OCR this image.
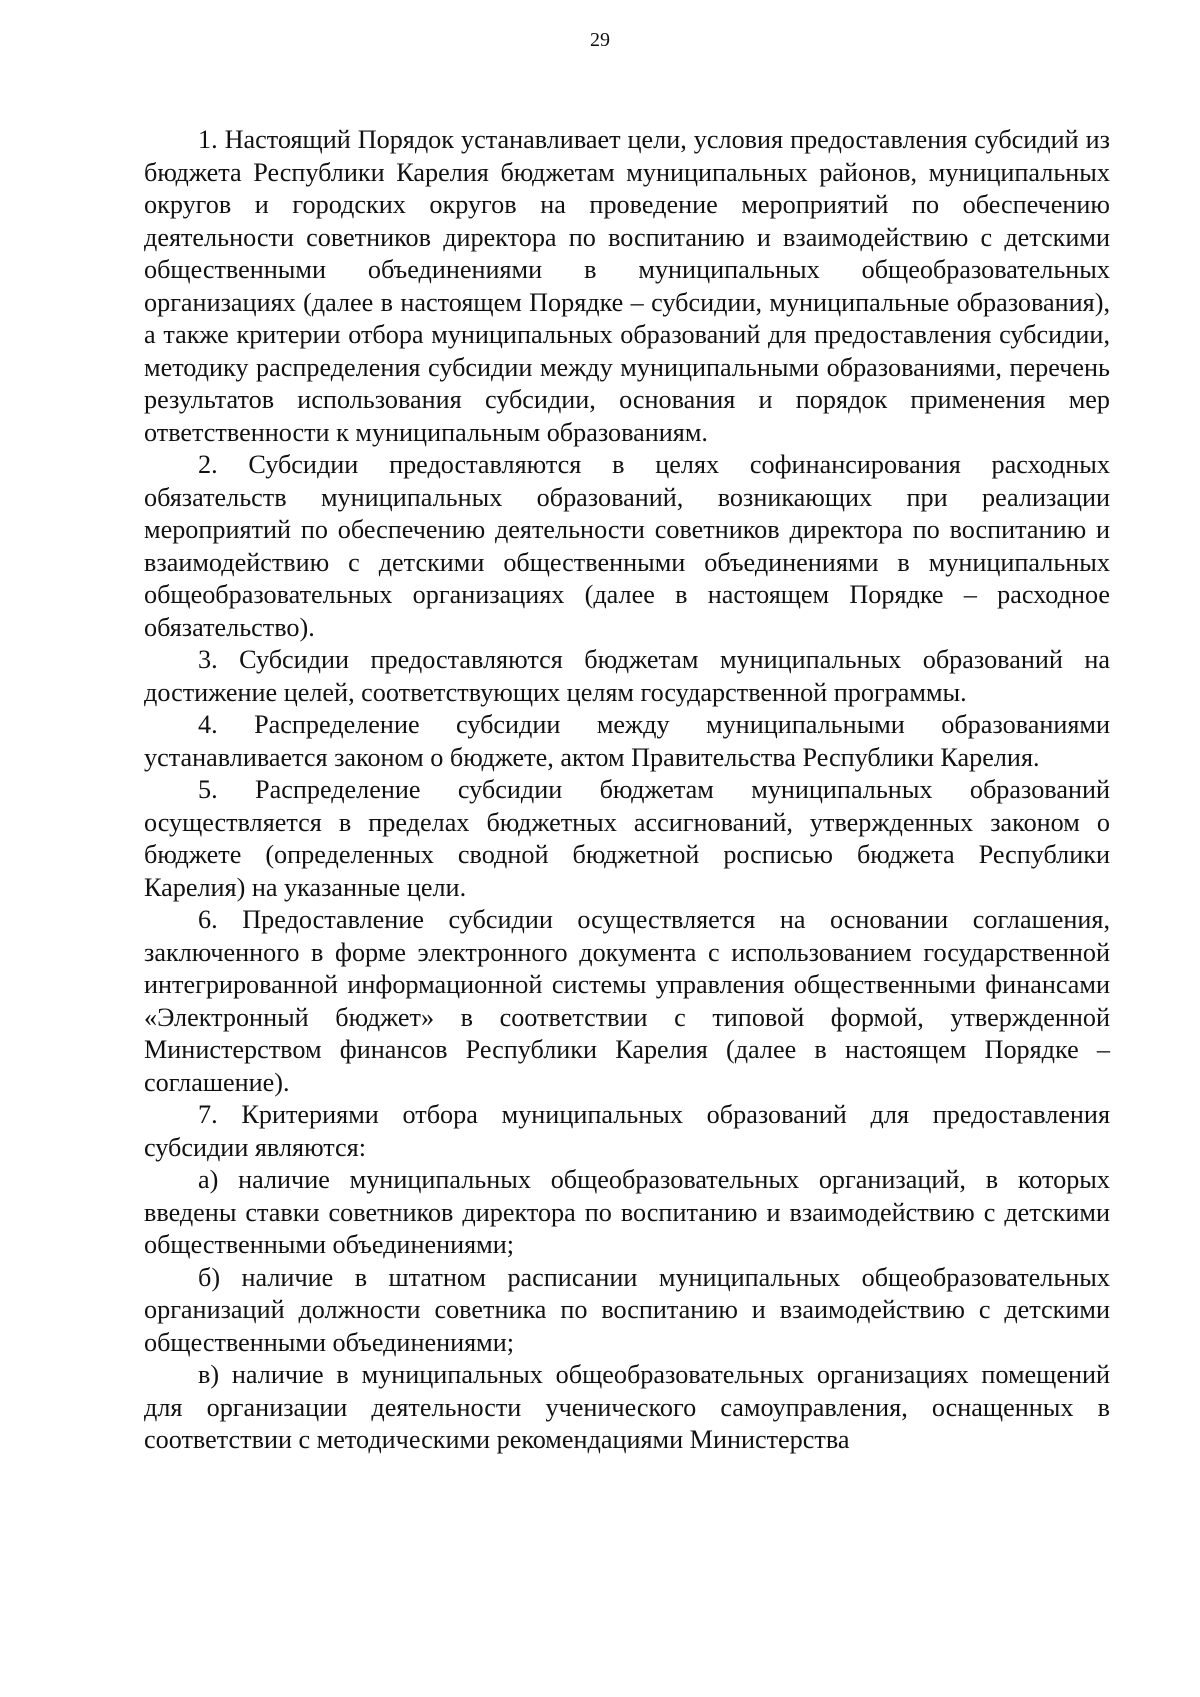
29

1. Настоящий Порядок устанавливает цели, условия предоставления субсидий из бюджета Республики Карелия бюджетам муниципальных районов, муниципальных округов и городских округов на проведение мероприятий по обеспечению деятельности советников директора по воспитанию и взаимодействию с детскими общественными объединениями в муниципальных общеобразовательных организациях (далее в настоящем Порядке – субсидии, муниципальные образования), а также критерии отбора муниципальных образований для предоставления субсидии, методику распределения субсидии между муниципальными образованиями, перечень результатов использования субсидии, основания и порядок применения мер ответственности к муниципальным образованиям.

2. Субсидии предоставляются в целях софинансирования расходных обязательств муниципальных образований, возникающих при реализации мероприятий по обеспечению деятельности советников директора по воспитанию и взаимодействию с детскими общественными объединениями в муниципальных общеобразовательных организациях (далее в настоящем Порядке – расходное обязательство).

3. Субсидии предоставляются бюджетам муниципальных образований на достижение целей, соответствующих целям государственной программы.

4. Распределение субсидии между муниципальными образованиями устанавливается законом о бюджете, актом Правительства Республики Карелия.

5. Распределение субсидии бюджетам муниципальных образований осуществляется в пределах бюджетных ассигнований, утвержденных законом о бюджете (определенных сводной бюджетной росписью бюджета Республики Карелия) на указанные цели.

6. Предоставление субсидии осуществляется на основании соглашения, заключенного в форме электронного документа с использованием государственной интегрированной информационной системы управления общественными финансами «Электронный бюджет» в соответствии с типовой формой, утвержденной Министерством финансов Республики Карелия (далее в настоящем Порядке – соглашение).

7. Критериями отбора муниципальных образований для предоставления субсидии являются:

а) наличие муниципальных общеобразовательных организаций, в которых введены ставки советников директора по воспитанию и взаимодействию с детскими общественными объединениями;

б) наличие в штатном расписании муниципальных общеобразовательных организаций должности советника по воспитанию и взаимодействию с детскими общественными объединениями;

в) наличие в муниципальных общеобразовательных организациях помещений для организации деятельности ученического самоуправления, оснащенных в соответствии с методическими рекомендациями Министерства
